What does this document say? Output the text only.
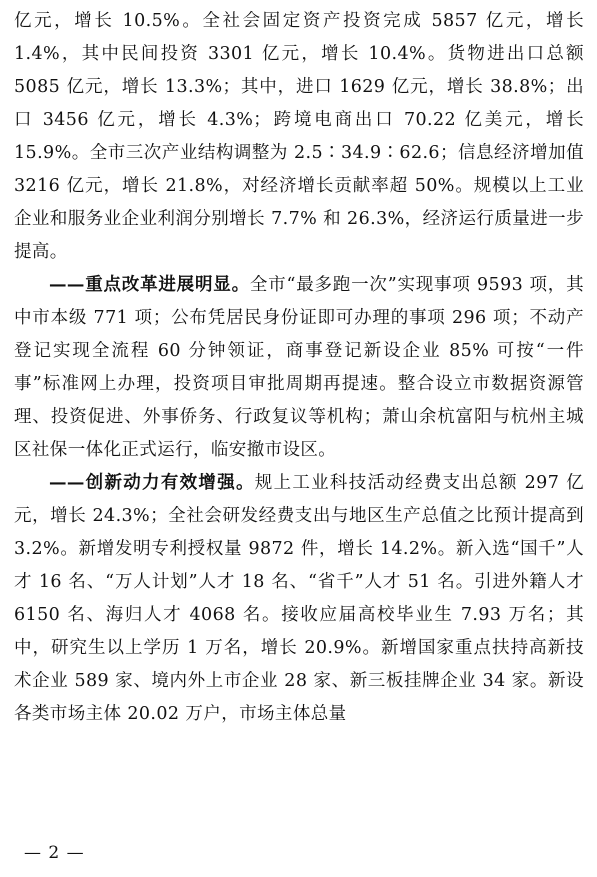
亿元，增长 10.5%。全社会固定资产投资完成 5857 亿元，增长 1.4%，其中民间投资 3301 亿元，增长 10.4%。货物进出口总额 5085 亿元，增长 13.3%；其中，进口 1629 亿元，增长 38.8%；出口 3456 亿元，增长 4.3%；跨境电商出口 70.22 亿美元，增长 15.9%。全市三次产业结构调整为 2.5∶34.9∶62.6；信息经济增加值 3216 亿元，增长 21.8%，对经济增长贡献率超 50%。规模以上工业企业和服务业企业利润分别增长 7.7% 和 26.3%，经济运行质量进一步提高。

——重点改革进展明显。全市“最多跑一次”实现事项 9593 项，其中市本级 771 项；公布凭居民身份证即可办理的事项 296 项；不动产登记实现全流程 60 分钟领证，商事登记新设企业 85% 可按“一件事”标准网上办理，投资项目审批周期再提速。整合设立市数据资源管理、投资促进、外事侨务、行政复议等机构；萧山余杭富阳与杭州主城区社保一体化正式运行，临安撤市设区。

——创新动力有效增强。规上工业科技活动经费支出总额 297 亿元，增长 24.3%；全社会研发经费支出与地区生产总值之比预计提高到 3.2%。新增发明专利授权量 9872 件，增长 14.2%。新入选“国千”人才 16 名、“万人计划”人才 18 名、“省千”人才 51 名。引进外籍人才 6150 名、海归人才 4068 名。接收应届高校毕业生 7.93 万名；其中，研究生以上学历 1 万名，增长 20.9%。新增国家重点扶持高新技术企业 589 家、境内外上市企业 28 家、新三板挂牌企业 34 家。新设各类市场主体 20.02 万户，市场主体总量

— 2 —
